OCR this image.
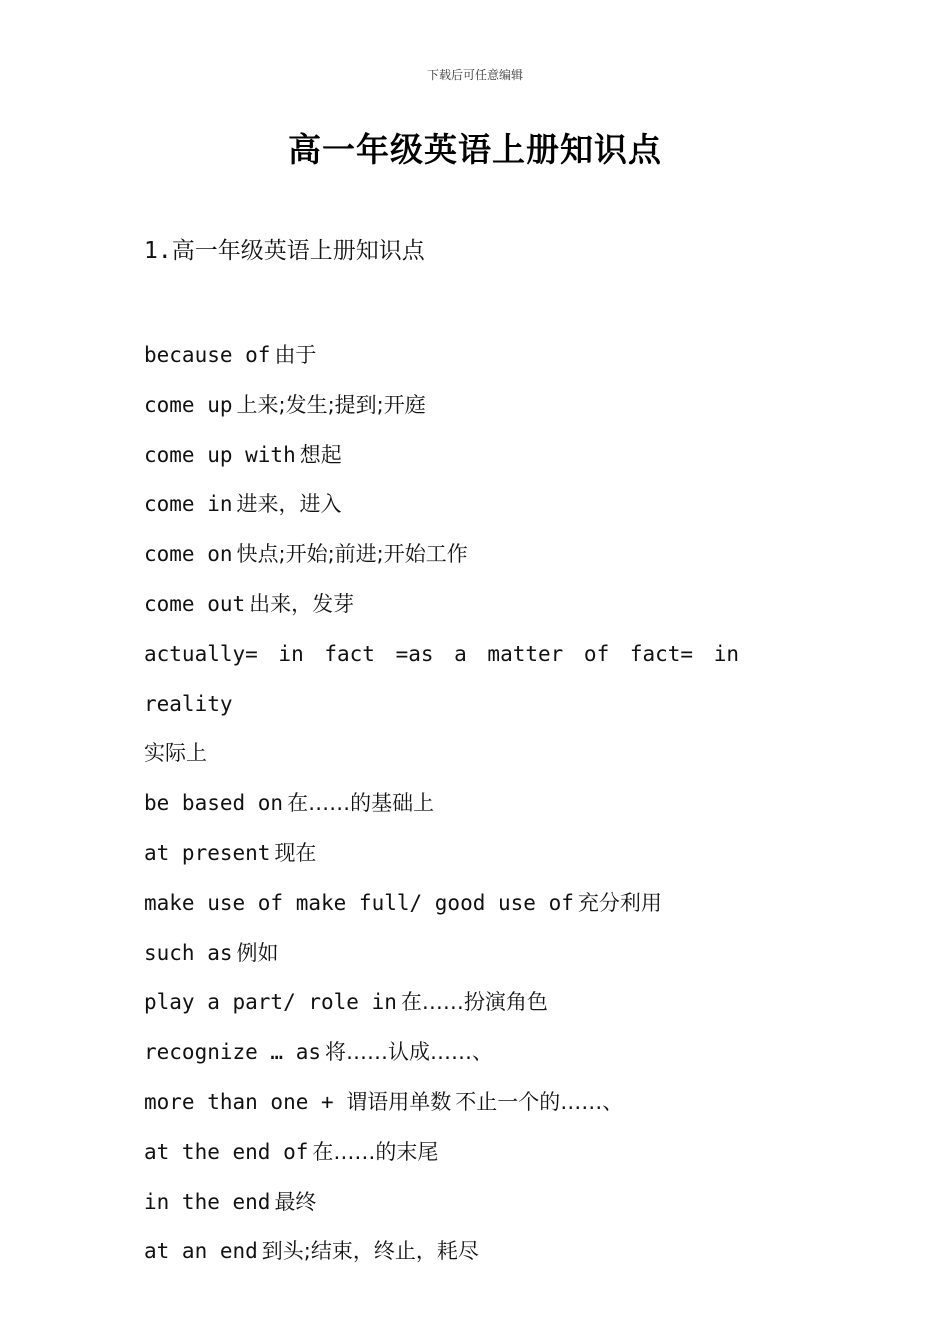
下载后可任意编辑
高一年级英语上册知识点
1.高一年级英语上册知识点
because of 由于
come up 上来;发生;提到;开庭
come up with 想起
come in 进来，进入
come on 快点;开始;前进;开始工作
come out 出来，发芽
actually= in fact =as a matter of fact= in reality
实际上
be based on 在……的基础上
at present 现在
make use of make full/ good use of 充分利用
such as 例如
play a part/ role in 在……扮演角色
recognize … as 将……认成……、
more than one + 谓语用单数 不止一个的……、
at the end of 在……的末尾
in the end 最终
at an end 到头;结束，终止，耗尽
